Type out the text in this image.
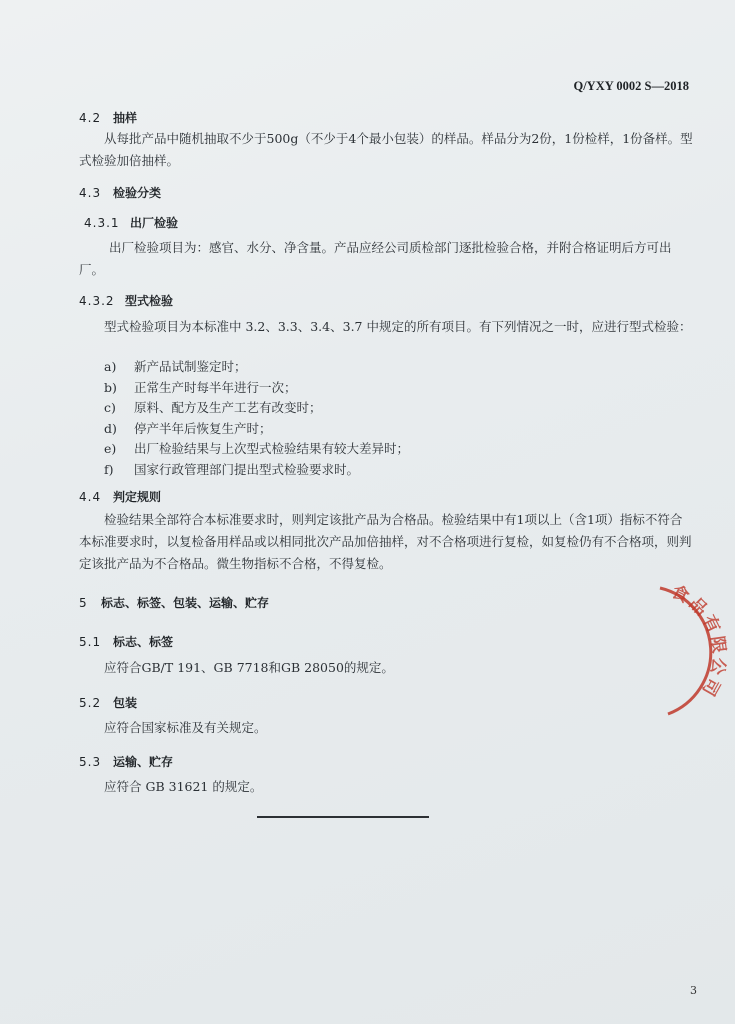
Q/YXY 0002 S—2018
4.2 抽样
从每批产品中随机抽取不少于500g（不少于4个最小包装）的样品。样品分为2份，1份检样，1份备样。型式检验加倍抽样。
4.3 检验分类
4.3.1 出厂检验
出厂检验项目为：感官、水分、净含量。产品应经公司质检部门逐批检验合格，并附合格证明后方可出厂。
4.3.2 型式检验
型式检验项目为本标准中 3.2、3.3、3.4、3.7 中规定的所有项目。有下列情况之一时，应进行型式检验：
a) 新产品试制鉴定时；
b) 正常生产时每半年进行一次；
c) 原料、配方及生产工艺有改变时；
d) 停产半年后恢复生产时；
e) 出厂检验结果与上次型式检验结果有较大差异时；
f) 国家行政管理部门提出型式检验要求时。
4.4 判定规则
检验结果全部符合本标准要求时，则判定该批产品为合格品。检验结果中有1项以上（含1项）指标不符合本标准要求时，以复检备用样品或以相同批次产品加倍抽样，对不合格项进行复检，如复检仍有不合格项，则判定该批产品为不合格品。微生物指标不合格，不得复检。
5 标志、标签、包装、运输、贮存
5.1 标志、标签
应符合GB/T 191、GB 7718和GB 28050的规定。
5.2 包装
应符合国家标准及有关规定。
5.3 运输、贮存
应符合 GB 31621 的规定。
食品有限公司
3
